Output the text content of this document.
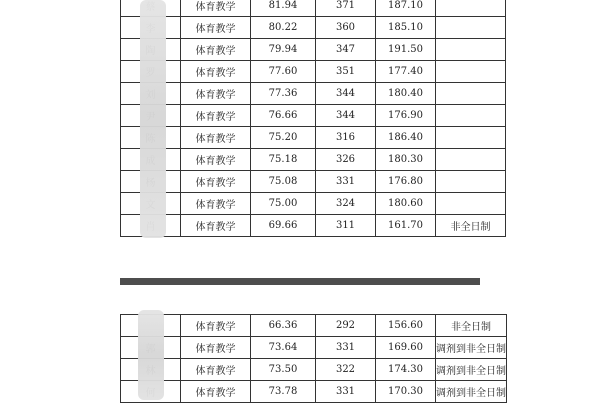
	体育教学	81.94	371	187.10	
	体育教学	80.22	360	185.10	
	体育教学	79.94	347	191.50	
	体育教学	77.60	351	177.40	
	体育教学	77.36	344	180.40	
	体育教学	76.66	344	176.90	
	体育教学	75.20	316	186.40	
	体育教学	75.18	326	180.30	
	体育教学	75.08	331	176.80	
	体育教学	75.00	324	180.60	
	体育教学	69.66	311	161.70	非全日制
	体育教学	66.36	292	156.60	非全日制
	体育教学	73.64	331	169.60	调剂到非全日制
	体育教学	73.50	322	174.30	调剂到非全日制
	体育教学	73.78	331	170.30	调剂到非全日制
